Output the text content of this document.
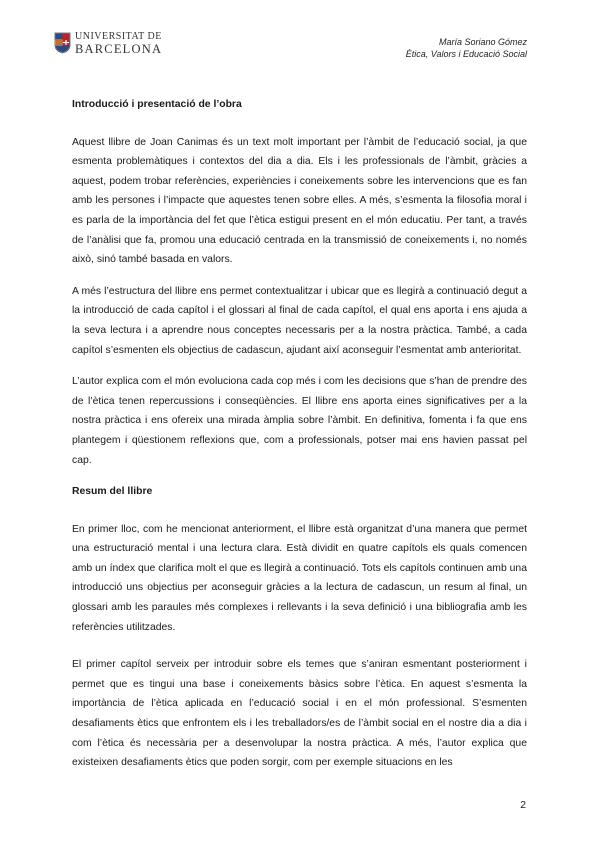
UNIVERSITAT DE
BARCELONA	María Soriano Gómez
Ètica, Valors i Educació Social
Introducció i presentació de l’obra

Aquest llibre de Joan Canimas és un text molt important per l’àmbit de l’educació social, ja que esmenta problemàtiques i contextos del dia a dia. Els i les professionals de l’àmbit, gràcies a aquest, podem trobar referències, experiències i coneixements sobre les intervencions que es fan amb les persones i l’impacte que aquestes tenen sobre elles. A més, s’esmenta la filosofia moral i es parla de la importància del fet que l’ètica estigui present en el món educatiu. Per tant, a través de l’anàlisi que fa, promou una educació centrada en la transmissió de coneixements i, no només això, sinó també basada en valors.

A més l’estructura del llibre ens permet contextualitzar i ubicar que es llegirà a continuació degut a la introducció de cada capítol i el glossari al final de cada capítol, el qual ens aporta i ens ajuda a la seva lectura i a aprendre nous conceptes necessaris per a la nostra pràctica. També, a cada capítol s’esmenten els objectius de cadascun, ajudant així aconseguir l’esmentat amb anterioritat.

L’autor explica com el món evoluciona cada cop més i com les decisions que s’han de prendre des de l’ètica tenen repercussions i conseqüències. El llibre ens aporta eines significatives per a la nostra pràctica i ens ofereix una mirada àmplia sobre l’àmbit. En definitiva, fomenta i fa que ens plantegem i qüestionem reflexions que, com a professionals, potser mai ens havien passat pel cap.

Resum del llibre

En primer lloc, com he mencionat anteriorment, el llibre està organitzat d’una manera que permet una estructuració mental i una lectura clara. Està dividit en quatre capítols els quals comencen amb un índex que clarifica molt el que es llegirà a continuació. Tots els capítols continuen amb una introducció uns objectius per aconseguir gràcies a la lectura de cadascun, un resum al final, un glossari amb les paraules més complexes i rellevants i la seva definició i una bibliografia amb les referències utilitzades.

El primer capítol serveix per introduir sobre els temes que s’aniran esmentant posteriorment i permet que es tingui una base i coneixements bàsics sobre l’ètica. En aquest s’esmenta la importància de l’ètica aplicada en l’educació social i en el món professional. S’esmenten desafiaments ètics que enfrontem els i les treballadors/es de l’àmbit social en el nostre dia a dia i com l’ètica és necessària per a desenvolupar la nostra pràctica. A més, l’autor explica que existeixen desafiaments ètics que poden sorgir, com per exemple situacions en les

2
